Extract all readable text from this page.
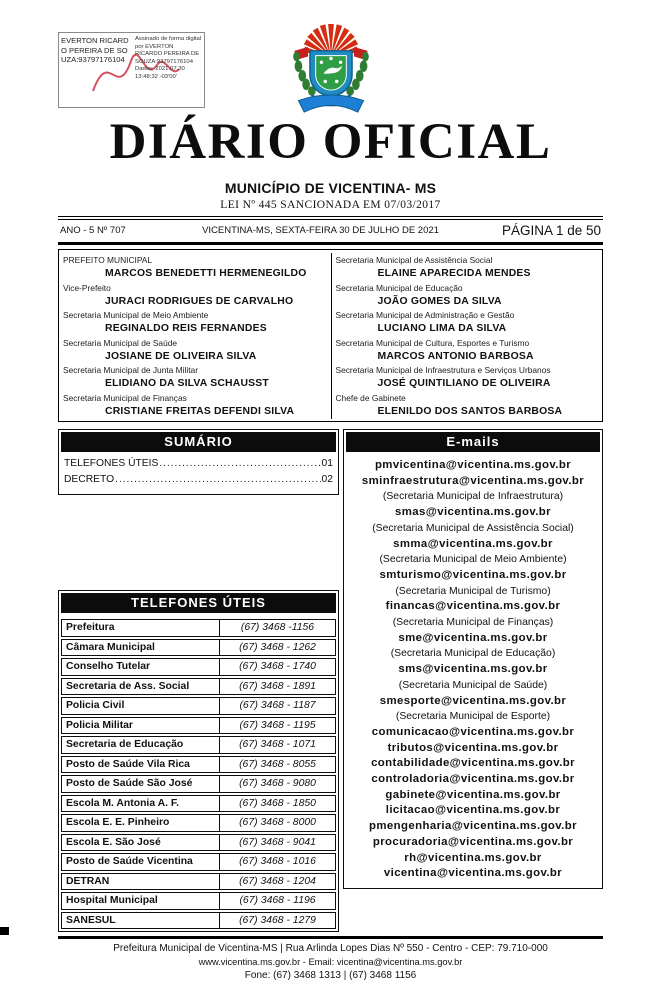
EVERTON RICARDO PEREIRA DE SOUZA:93797176104
Assinado de forma digital por EVERTON RICARDO PEREIRA DE SOUZA:93797176104 Dados: 2021.07.30 13:48:32 -03'00'
DIÁRIO OFICIAL
MUNICÍPIO DE VICENTINA- MS
LEI Nº 445 SANCIONADA EM 07/03/2017
ANO - 5 Nº 707	VICENTINA-MS, SEXTA-FEIRA 30 DE JULHO DE 2021	PÁGINA 1 de 50
PREFEITO MUNICIPAL
MARCOS BENEDETTI HERMENEGILDO
Vice-Prefeito
JURACI RODRIGUES DE CARVALHO
Secretaria Municipal de Meio Ambiente
REGINALDO REIS FERNANDES
Secretaria Municipal de Saúde
JOSIANE DE OLIVEIRA SILVA
Secretaria Municipal de Junta Militar
ELIDIANO DA SILVA SCHAUSST
Secretaria Municipal de Finanças
CRISTIANE FREITAS DEFENDI SILVA
Secretaria Municipal de Assistência Social
ELAINE APARECIDA MENDES
Secretaria Municipal de Educação
JOÃO GOMES DA SILVA
Secretaria Municipal de Administração e Gestão
LUCIANO LIMA DA SILVA
Secretaria Municipal de Cultura, Esportes e Turismo
MARCOS ANTONIO BARBOSA
Secretaria Municipal de Infraestrutura e Serviços Urbanos
JOSÉ QUINTILIANO DE OLIVEIRA
Chefe de Gabinete
ELENILDO DOS SANTOS BARBOSA
SUMÁRIO
TELEFONES ÚTEIS .....	01
DECRETO .....	02
TELEFONES ÚTEIS
Prefeitura	(67) 3468 -1156
Câmara Municipal	(67) 3468 - 1262
Conselho Tutelar	(67) 3468 - 1740
Secretaria de Ass. Social	(67) 3468 - 1891
Policia Civil	(67) 3468 - 1187
Policia Militar	(67) 3468 - 1195
Secretaria de Educação	(67) 3468 - 1071
Posto de Saúde Vila Rica	(67) 3468 - 8055
Posto de Saúde São José	(67) 3468 - 9080
Escola M. Antonia A. F.	(67) 3468 - 1850
Escola E. E. Pinheiro	(67) 3468 - 8000
Escola E. São José	(67) 3468 - 9041
Posto de Saúde Vicentina	(67) 3468 - 1016
DETRAN	(67) 3468 - 1204
Hospital Municipal	(67) 3468 - 1196
SANESUL	(67) 3468 - 1279
E-mails
pmvicentina@vicentina.ms.gov.br
sminfraestrutura@vicentina.ms.gov.br
(Secretaria Municipal de Infraestrutura)
smas@vicentina.ms.gov.br
(Secretaria Municipal de Assistência Social)
smma@vicentina.ms.gov.br
(Secretaria Municipal de Meio Ambiente)
smturismo@vicentina.ms.gov.br
(Secretaria Municipal de Turismo)
financas@vicentina.ms.gov.br
(Secretaria Municipal de Finanças)
sme@vicentina.ms.gov.br
(Secretaria Municipal de Educação)
sms@vicentina.ms.gov.br
(Secretaria Municipal de Saúde)
smesporte@vicentina.ms.gov.br
(Secretaria Municipal de Esporte)
comunicacao@vicentina.ms.gov.br
tributos@vicentina.ms.gov.br
contabilidade@vicentina.ms.gov.br
controladoria@vicentina.ms.gov.br
gabinete@vicentina.ms.gov.br
licitacao@vicentina.ms.gov.br
pmengenharia@vicentina.ms.gov.br
procuradoria@vicentina.ms.gov.br
rh@vicentina.ms.gov.br
vicentina@vicentina.ms.gov.br
Prefeitura Municipal de Vicentina-MS | Rua Arlinda Lopes Dias Nº 550 - Centro - CEP: 79.710-000
www.vicentina.ms.gov.br - Email: vicentina@vicentina.ms.gov.br
Fone: (67) 3468 1313 | (67) 3468 1156
